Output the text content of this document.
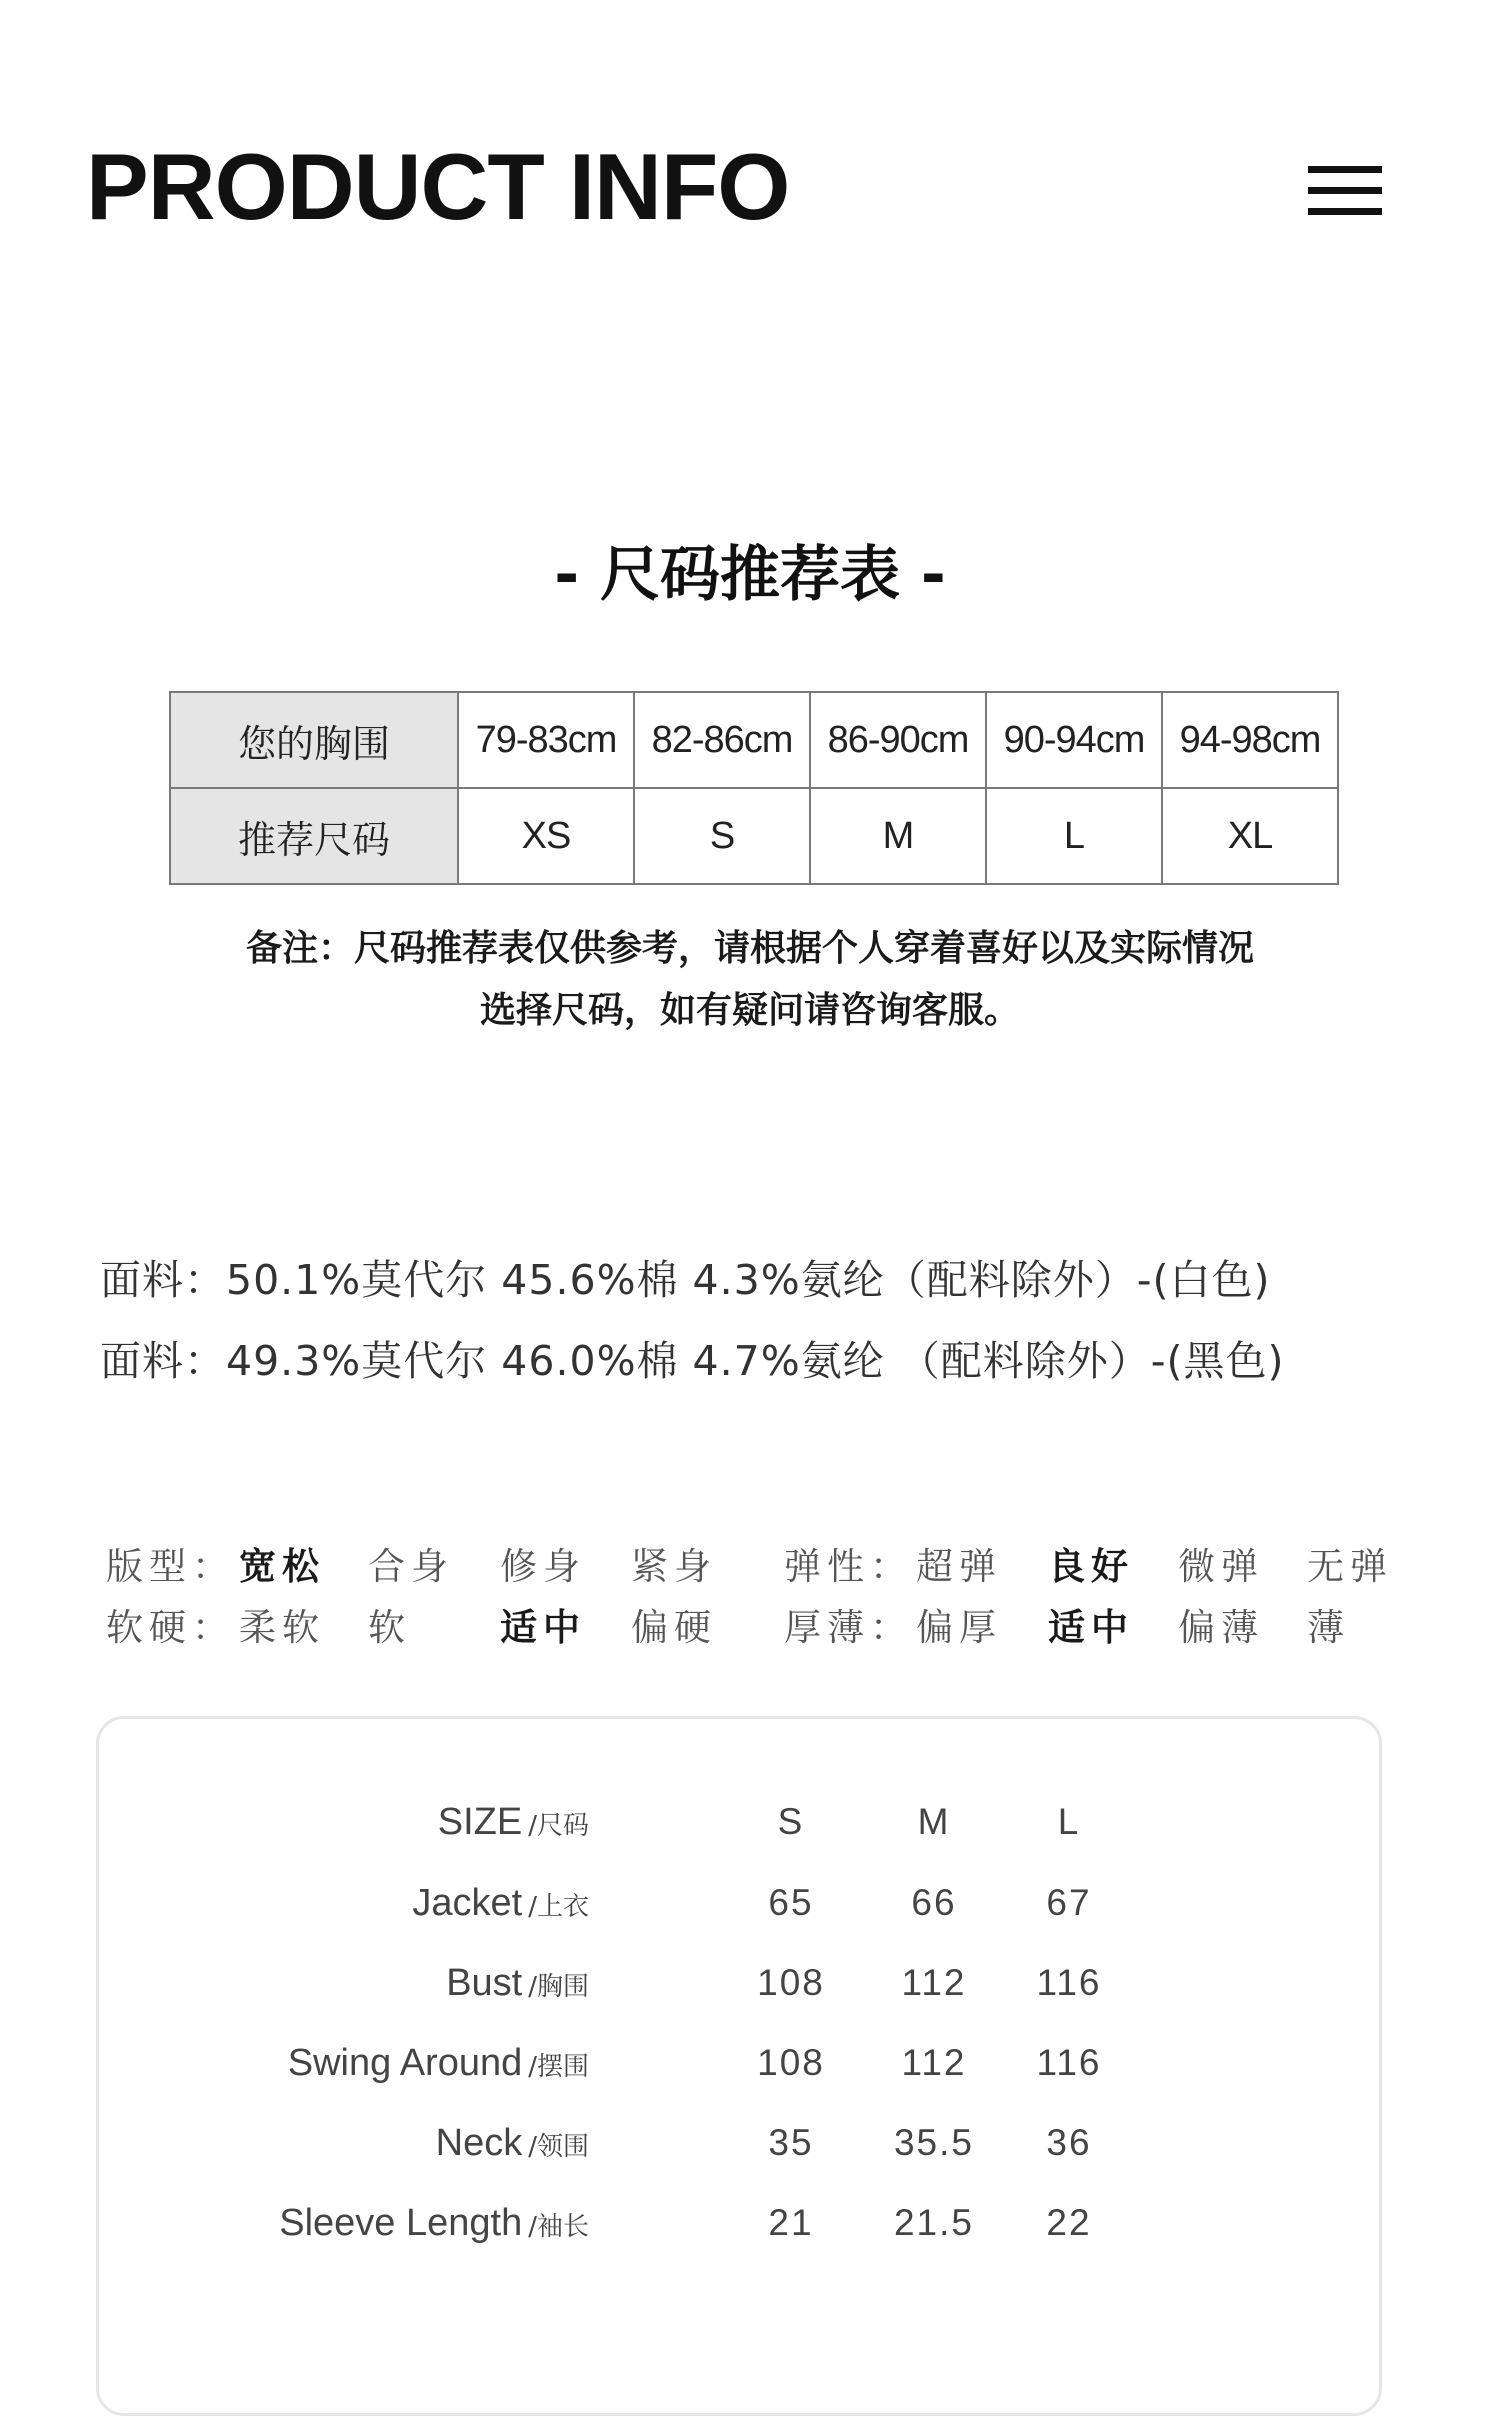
PRODUCT INFO
- 尺码推荐表 -
您的胸围	79-83cm	82-86cm	86-90cm	90-94cm	94-98cm
推荐尺码	XS	S	M	L	XL

备注：尺码推荐表仅供参考，请根据个人穿着喜好以及实际情况

选择尺码，如有疑问请咨询客服。

面料：50.1%莫代尔 45.6%棉 4.3%氨纶（配料除外）-(白色)
面料：49.3%莫代尔 46.0%棉 4.7%氨纶 （配料除外）-(黑色)
版型： 宽松 合身 修身 紧身 弹性： 超弹 良好 微弹 无弹
软硬： 柔软 软 适中 偏硬 厚薄： 偏厚 适中 偏薄 薄
SIZE /尺码	S	M	L
Jacket /上衣	65	66	67
Bust /胸围	108	112	116
Swing Around /摆围	108	112	116
Neck /领围	35	35.5	36
Sleeve Length /袖长	21	21.5	22
